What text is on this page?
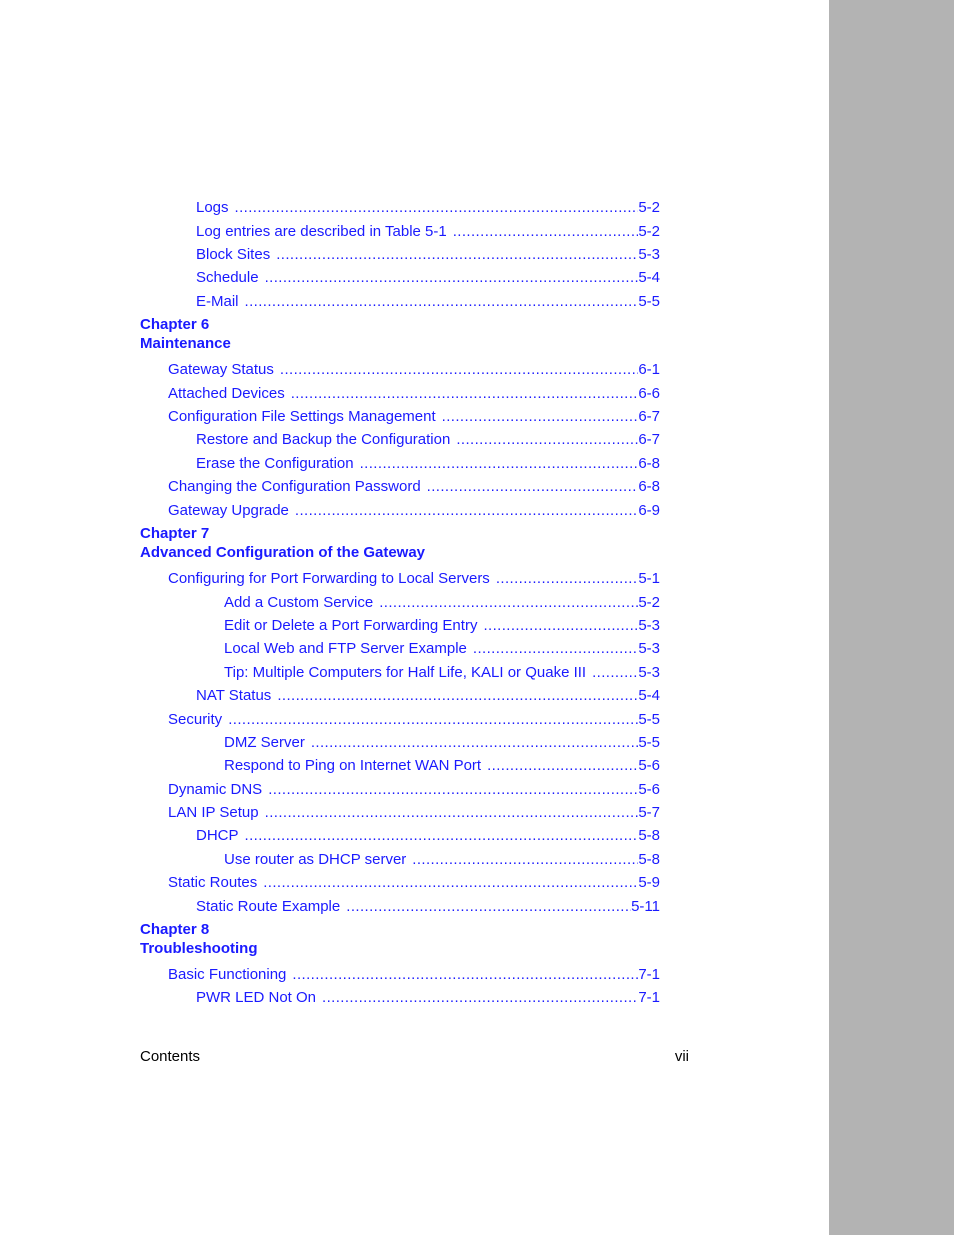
Logs .....	5-2
Log entries are described in Table 5-1 .....	5-2
Block Sites .....	5-3
Schedule .....	5-4
E-Mail .....	5-5
Chapter 6
Maintenance
Gateway Status .....	6-1
Attached Devices .....	6-6
Configuration File Settings Management .....	6-7
Restore and Backup the Configuration .....	6-7
Erase the Configuration .....	6-8
Changing the Configuration Password .....	6-8
Gateway Upgrade .....	6-9
Chapter 7
Advanced Configuration of the Gateway
Configuring for Port Forwarding to Local Servers .....	5-1
Add a Custom Service .....	5-2
Edit or Delete a Port Forwarding Entry .....	5-3
Local Web and FTP Server Example .....	5-3
Tip: Multiple Computers for Half Life, KALI or Quake III .....	5-3
NAT Status .....	5-4
Security .....	5-5
DMZ Server .....	5-5
Respond to Ping on Internet WAN Port .....	5-6
Dynamic DNS .....	5-6
LAN IP Setup .....	5-7
DHCP .....	5-8
Use router as DHCP server .....	5-8
Static Routes .....	5-9
Static Route Example .....	5-11
Chapter 8
Troubleshooting
Basic Functioning .....	7-1
PWR LED Not On .....	7-1
Contents	vii
